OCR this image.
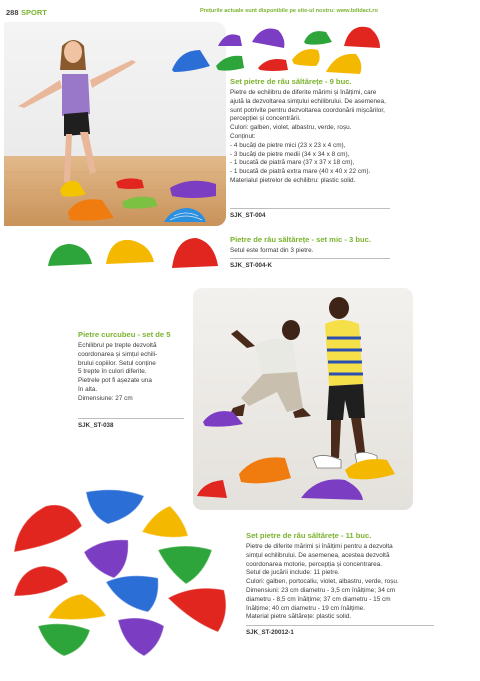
288 SPORT	Prețurile actuale sunt disponibile pe site-ul nostru: www.bdidact.ro
Set pietre de râu săltărețe - 9 buc.
Pietre de echilibru de diferite mărimi și înălțimi, care
ajută la dezvoltarea simțului echilibrului. De asemenea,
sunt potrivite pentru dezvoltarea coordonării mișcărilor,
percepției și concentrării.
Culori: galben, violet, albastru, verde, roșu.
Conținut:
- 4 bucăți de pietre mici (23 x 23 x 4 cm),
- 3 bucăți de pietre medii (34 x 34 x 8 cm),
- 1 bucată de piatră mare (37 x 37 x 18 cm),
- 1 bucată de piatră extra mare (40 x 40 x 22 cm).
Materialul pietrelor de echilibru: plastic solid.
SJK_ST-004
Pietre de râu săltărețe - set mic - 3 buc.
Setul este format din 3 pietre.
SJK_ST-004-K
Pietre curcubeu - set de 5
Echilibrul pe trepte dezvoltă
coordonarea și simțul echili-
brului copiilor. Setul conține
5 trepte în culori diferite.
Pietrele pot fi așezate una
în alta.
Dimensiune: 27 cm
SJK_ST-038
Set pietre de râu săltărețe - 11 buc.
Pietre de diferite mărimi și înălțimi pentru a dezvolta
simțul echilibrului. De asemenea, acestea dezvoltă
coordonarea motorie, percepția și concentrarea.
Setul de jucării include: 11 pietre.
Culori: galben, portocaliu, violet, albastru, verde, roșu.
Dimensiuni: 23 cm diametru - 3,5 cm înălțime; 34 cm
diametru - 8,5 cm înălțime; 37 cm diametru - 15 cm
înălțime; 40 cm diametru - 19 cm înălțime.
Material pietre săltărețe: plastic solid.
SJK_ST-20012-1
